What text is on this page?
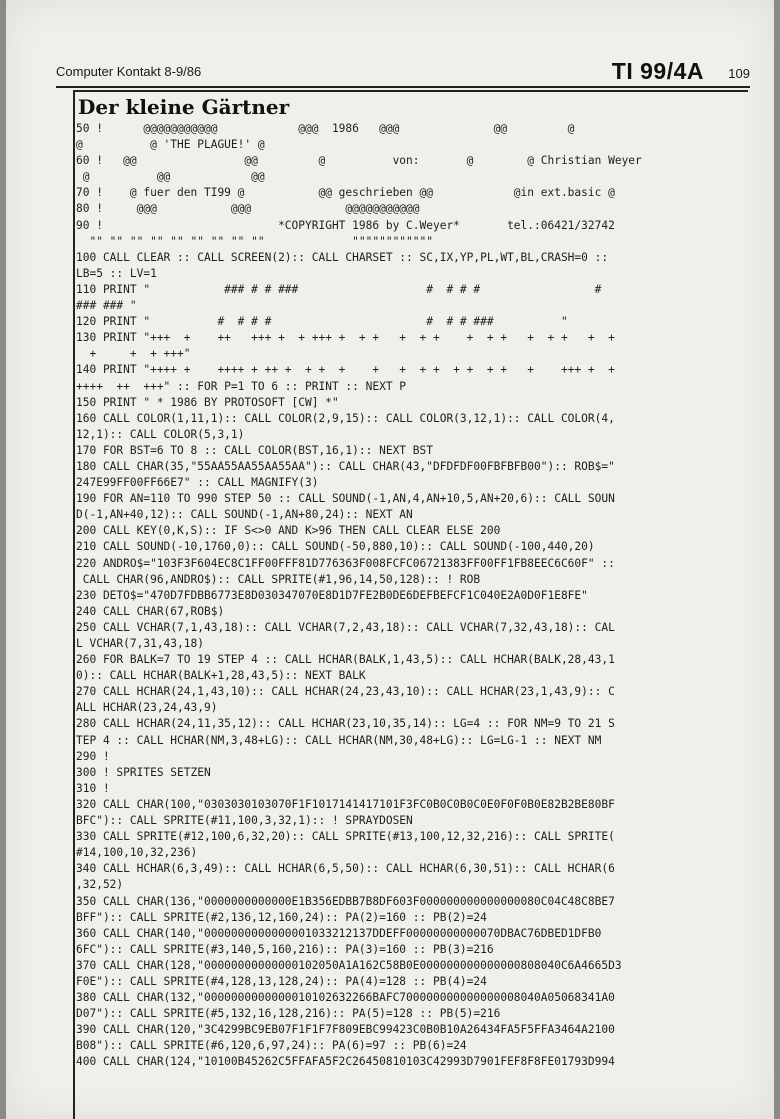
Computer Kontakt 8-9/86	TI 99/4A 109
Der kleine Gärtner
50 !      @@@@@@@@@@@            @@@  1986   @@@              @@         @
@          @ 'THE PLAGUE!' @
60 !   @@                @@         @          von:       @        @ Christian Weyer
@          @@            @@
70 !    @ fuer den TI99 @           @@ geschrieben @@            @in ext.basic @
80 !     @@@           @@@              @@@@@@@@@@@
90 !                          *COPYRIGHT 1986 by C.Weyer*       tel.:06421/32742
"" "" "" "" "" "" "" "" ""             """"""""""""
100 CALL CLEAR :: CALL SCREEN(2):: CALL CHARSET :: SC,IX,YP,PL,WT,BL,CRASH=0 ::
LB=5 :: LV=1
110 PRINT "           ### # # ###                   #  # # #                 #
### ### "
120 PRINT "          #  # # #                       #  # # ###          "
130 PRINT "+++  +    ++   +++ +  + +++ +  + +   +  + +    +  + +   +  + +   +  +
+     +  + +++"
140 PRINT "++++ +    ++++ + ++ +  + +  +    +   +  + +  + +  + +   +    +++ +  +
++++  ++  +++" :: FOR P=1 TO 6 :: PRINT :: NEXT P
150 PRINT " * 1986 BY PROTOSOFT [CW] *"
160 CALL COLOR(1,11,1):: CALL COLOR(2,9,15):: CALL COLOR(3,12,1):: CALL COLOR(4,
12,1):: CALL COLOR(5,3,1)
170 FOR BST=6 TO 8 :: CALL COLOR(BST,16,1):: NEXT BST
180 CALL CHAR(35,"55AA55AA55AA55AA"):: CALL CHAR(43,"DFDFDF00FBFBFB00"):: ROB$="
247E99FF00FF66E7" :: CALL MAGNIFY(3)
190 FOR AN=110 TO 990 STEP 50 :: CALL SOUND(-1,AN,4,AN+10,5,AN+20,6):: CALL SOUN
D(-1,AN+40,12):: CALL SOUND(-1,AN+80,24):: NEXT AN
200 CALL KEY(0,K,S):: IF S<>0 AND K>96 THEN CALL CLEAR ELSE 200
210 CALL SOUND(-10,1760,0):: CALL SOUND(-50,880,10):: CALL SOUND(-100,440,20)
220 ANDRO$="103F3F604EC8C1FF00FFF81D776363F008FCFC06721383FF00FF1FB8EEC6C60F" ::
CALL CHAR(96,ANDRO$):: CALL SPRITE(#1,96,14,50,128):: ! ROB
230 DETO$="470D7FDBB6773E8D030347070E8D1D7FE2B0DE6DEFBEFCF1C040E2A0D0F1E8FE"
240 CALL CHAR(67,ROB$)
250 CALL VCHAR(7,1,43,18):: CALL VCHAR(7,2,43,18):: CALL VCHAR(7,32,43,18):: CAL
L VCHAR(7,31,43,18)
260 FOR BALK=7 TO 19 STEP 4 :: CALL HCHAR(BALK,1,43,5):: CALL HCHAR(BALK,28,43,1
0):: CALL HCHAR(BALK+1,28,43,5):: NEXT BALK
270 CALL HCHAR(24,1,43,10):: CALL HCHAR(24,23,43,10):: CALL HCHAR(23,1,43,9):: C
ALL HCHAR(23,24,43,9)
280 CALL HCHAR(24,11,35,12):: CALL HCHAR(23,10,35,14):: LG=4 :: FOR NM=9 TO 21 S
TEP 4 :: CALL HCHAR(NM,3,48+LG):: CALL HCHAR(NM,30,48+LG):: LG=LG-1 :: NEXT NM
290 !
300 ! SPRITES SETZEN
310 !
320 CALL CHAR(100,"0303030103070F1F1017141417101F3FC0B0C0B0C0E0F0F0B0E82B2BE80BF
BFC"):: CALL SPRITE(#11,100,3,32,1):: ! SPRAYDOSEN
330 CALL SPRITE(#12,100,6,32,20):: CALL SPRITE(#13,100,12,32,216):: CALL SPRITE(
#14,100,10,32,236)
340 CALL HCHAR(6,3,49):: CALL HCHAR(6,5,50):: CALL HCHAR(6,30,51):: CALL HCHAR(6
,32,52)
350 CALL CHAR(136,"0000000000000E1B356EDBB7B8DF603F000000000000000080C04C48C8BE7
BFF"):: CALL SPRITE(#2,136,12,160,24):: PA(2)=160 :: PB(2)=24
360 CALL CHAR(140,"0000000000000001033212137DDEFF00000000000070DBAC76DBED1DFB0
6FC"):: CALL SPRITE(#3,140,5,160,216):: PA(3)=160 :: PB(3)=216
370 CALL CHAR(128,"00000000000000102050A1A162C58B0E000000000000000808040C6A4665D3
F0E"):: CALL SPRITE(#4,128,13,128,24):: PA(4)=128 :: PB(4)=24
380 CALL CHAR(132,"0000000000000010102632266BAFC700000000000000008040A05068341A0
D07"):: CALL SPRITE(#5,132,16,128,216):: PA(5)=128 :: PB(5)=216
390 CALL CHAR(120,"3C4299BC9EB07F1F1F7F809EBC99423C0B0B10A26434FA5F5FFA3464A2100
B08"):: CALL SPRITE(#6,120,6,97,24):: PA(6)=97 :: PB(6)=24
400 CALL CHAR(124,"10100B45262C5FFAFA5F2C26450810103C42993D7901FEF8F8FE01793D994
